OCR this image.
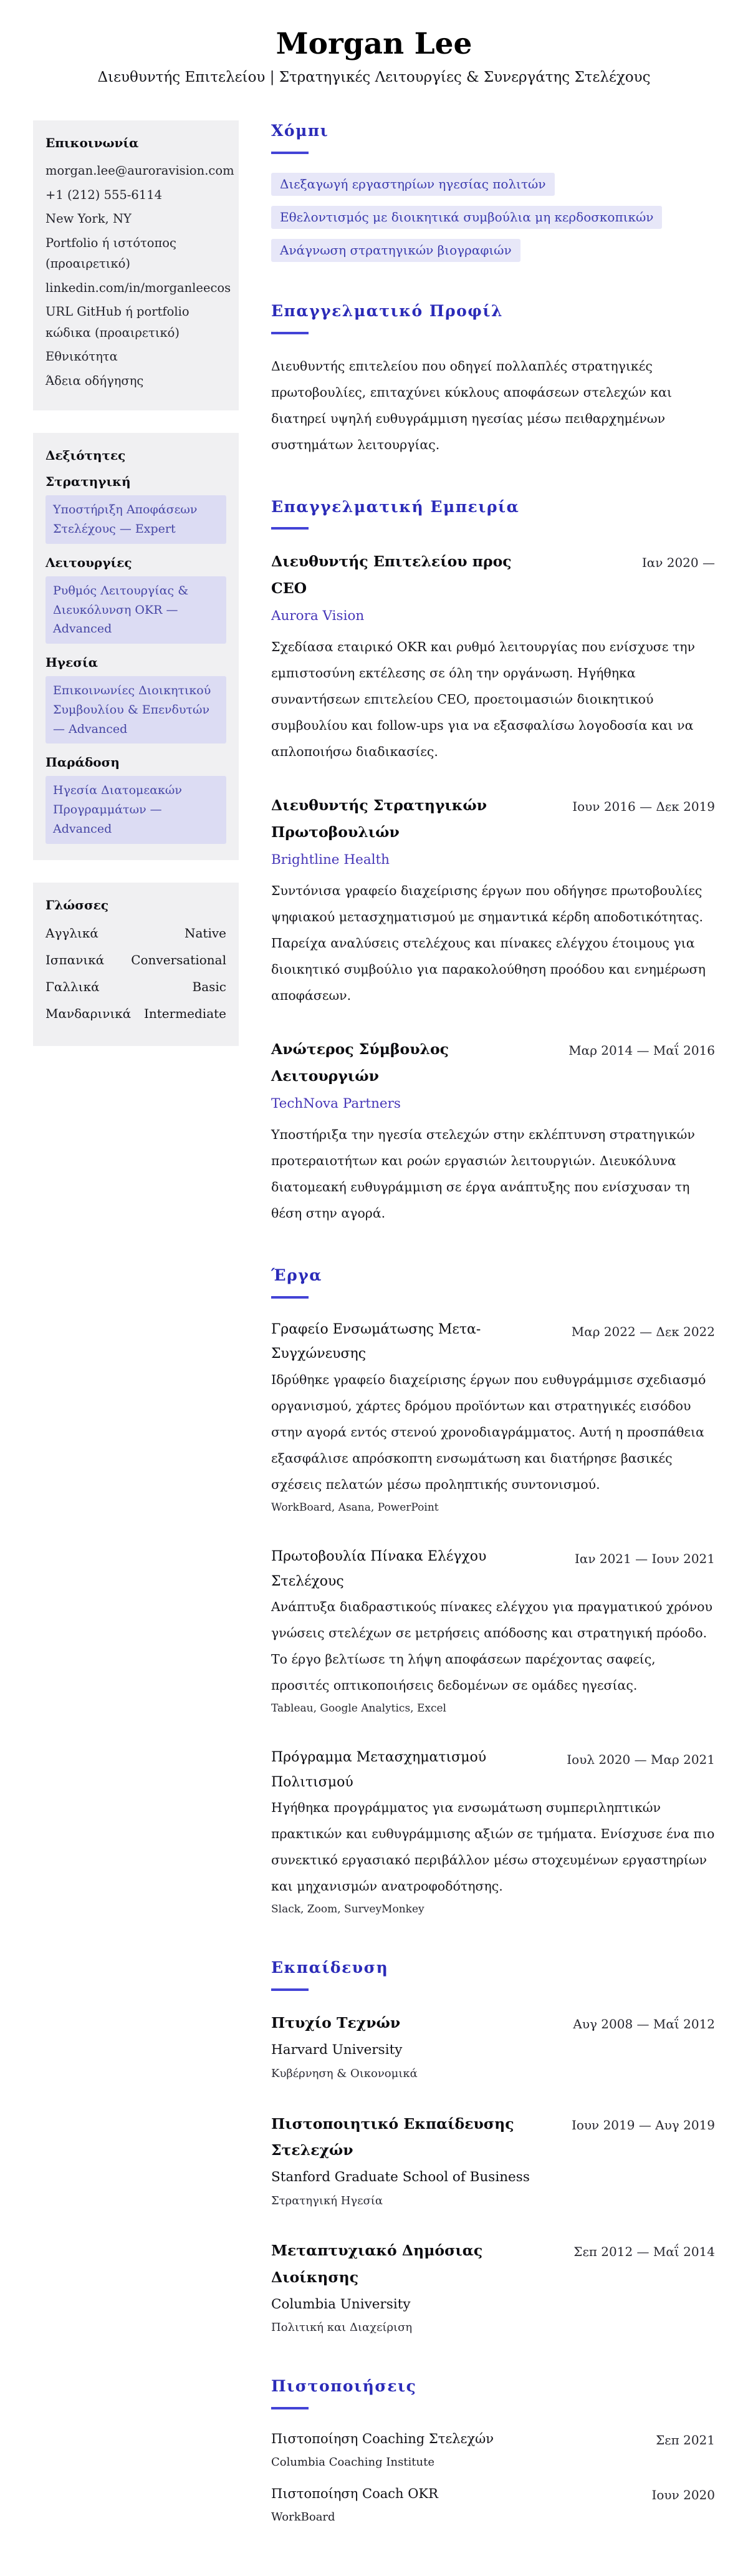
Morgan Lee
Διευθυντής Επιτελείου | Στρατηγικές Λειτουργίες & Συνεργάτης Στελέχους
Επικοινωνία
morgan.lee@auroravision.com
+1 (212) 555-6114
New York, NY
Portfolio ή ιστότοπος (προαιρετικό)
linkedin.com/in/morganleecos
URL GitHub ή portfolio κώδικα (προαιρετικό)
Εθνικότητα
Άδεια οδήγησης
Δεξιότητες
Στρατηγική
Υποστήριξη Αποφάσεων Στελέχους — Expert
Λειτουργίες
Ρυθμός Λειτουργίας & Διευκόλυνση OKR — Advanced
Ηγεσία
Επικοινωνίες Διοικητικού Συμβουλίου & Επενδυτών — Advanced
Παράδοση
Ηγεσία Διατομεακών Προγραμμάτων — Advanced
Γλώσσες
Αγγλικά	Native
Ισπανικά Conversational
Γαλλικά	Basic
Μανδαρινικά Intermediate
Χόμπι
Διεξαγωγή εργαστηρίων ηγεσίας πολιτών
Εθελοντισμός με διοικητικά συμβούλια μη κερδοσκοπικών
Ανάγνωση στρατηγικών βιογραφιών
Επαγγελματικό Προφίλ

Διευθυντής επιτελείου που οδηγεί πολλαπλές στρατηγικές πρωτοβουλίες, επιταχύνει κύκλους αποφάσεων στελεχών και διατηρεί υψηλή ευθυγράμμιση ηγεσίας μέσω πειθαρχημένων συστημάτων λειτουργίας.

Επαγγελματική Εμπειρία
Διευθυντής Επιτελείου προς CEO
Ιαν 2020 —
Aurora Vision

Σχεδίασα εταιρικό OKR και ρυθμό λειτουργίας που ενίσχυσε την εμπιστοσύνη εκτέλεσης σε όλη την οργάνωση. Ηγήθηκα συναντήσεων επιτελείου CEO, προετοιμασιών διοικητικού συμβουλίου και follow-ups για να εξασφαλίσω λογοδοσία και να απλοποιήσω διαδικασίες.

Διευθυντής Στρατηγικών Πρωτοβουλιών
Ιουν 2016 — Δεκ 2019
Brightline Health

Συντόνισα γραφείο διαχείρισης έργων που οδήγησε πρωτοβουλίες ψηφιακού μετασχηματισμού με σημαντικά κέρδη αποδοτικότητας. Παρείχα αναλύσεις στελέχους και πίνακες ελέγχου έτοιμους για διοικητικό συμβούλιο για παρακολούθηση προόδου και ενημέρωση αποφάσεων.

Ανώτερος Σύμβουλος Λειτουργιών
Μαρ 2014 — Μαΐ 2016
TechNova Partners

Υποστήριξα την ηγεσία στελεχών στην εκλέπτυνση στρατηγικών προτεραιοτήτων και ροών εργασιών λειτουργιών. Διευκόλυνα διατομεακή ευθυγράμμιση σε έργα ανάπτυξης που ενίσχυσαν τη θέση στην αγορά.

Έργα
Γραφείο Ενσωμάτωσης Μετα-Συγχώνευσης
Μαρ 2022 — Δεκ 2022

Ιδρύθηκε γραφείο διαχείρισης έργων που ευθυγράμμισε σχεδιασμό οργανισμού, χάρτες δρόμου προϊόντων και στρατηγικές εισόδου στην αγορά εντός στενού χρονοδιαγράμματος. Αυτή η προσπάθεια εξασφάλισε απρόσκοπτη ενσωμάτωση και διατήρησε βασικές σχέσεις πελατών μέσω προληπτικής συντονισμού.

WorkBoard, Asana, PowerPoint
Πρωτοβουλία Πίνακα Ελέγχου Στελέχους
Ιαν 2021 — Ιουν 2021

Ανάπτυξα διαδραστικούς πίνακες ελέγχου για πραγματικού χρόνου γνώσεις στελέχων σε μετρήσεις απόδοσης και στρατηγική πρόοδο. Το έργο βελτίωσε τη λήψη αποφάσεων παρέχοντας σαφείς, προσιτές οπτικοποιήσεις δεδομένων σε ομάδες ηγεσίας.

Tableau, Google Analytics, Excel
Πρόγραμμα Μετασχηματισμού Πολιτισμού
Ιουλ 2020 — Μαρ 2021

Ηγήθηκα προγράμματος για ενσωμάτωση συμπεριληπτικών πρακτικών και ευθυγράμμισης αξιών σε τμήματα. Ενίσχυσε ένα πιο συνεκτικό εργασιακό περιβάλλον μέσω στοχευμένων εργαστηρίων και μηχανισμών ανατροφοδότησης.

Slack, Zoom, SurveyMonkey
Εκπαίδευση
Πτυχίο Τεχνών	Αυγ 2008 — Μαΐ 2012
Harvard University
Κυβέρνηση & Οικονομικά
Πιστοποιητικό Εκπαίδευσης Στελεχών
Ιουν 2019 — Αυγ 2019
Stanford Graduate School of Business
Στρατηγική Ηγεσία
Μεταπτυχιακό Δημόσιας Διοίκησης
Σεπ 2012 — Μαΐ 2014
Columbia University
Πολιτική και Διαχείριση
Πιστοποιήσεις
Πιστοποίηση Coaching Στελεχών	Σεπ 2021
Columbia Coaching Institute
Πιστοποίηση Coach OKR	Ιουν 2020
WorkBoard
